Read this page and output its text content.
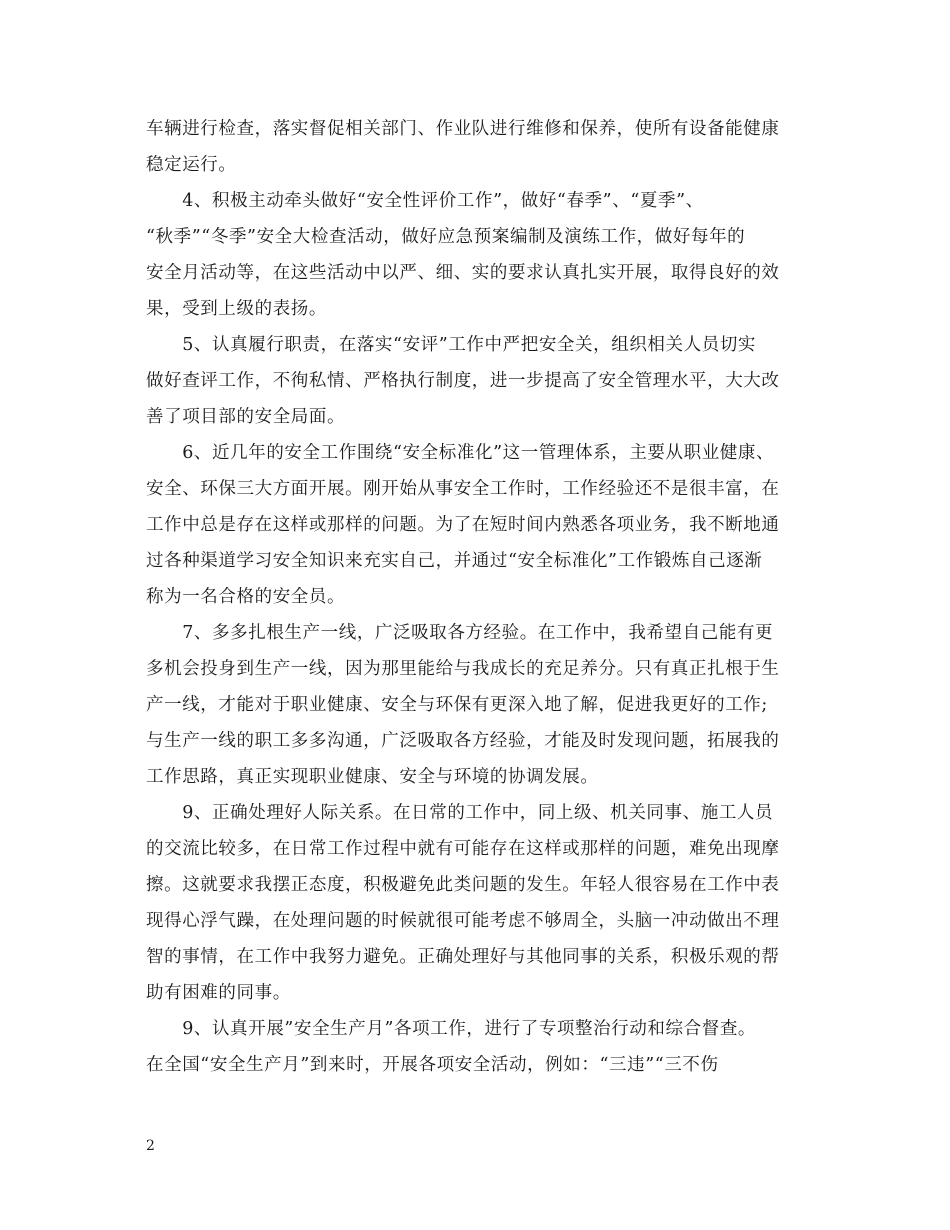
车辆进行检查，落实督促相关部门、作业队进行维修和保养，使所有设备能健康
稳定运行。
　　4、积极主动牵头做好“安全性评价工作”，做好“春季”、“夏季”、
“秋季”“冬季”安全大检查活动，做好应急预案编制及演练工作，做好每年的
安全月活动等，在这些活动中以严、细、实的要求认真扎实开展，取得良好的效
果，受到上级的表扬。
　　5、认真履行职责，在落实“安评”工作中严把安全关，组织相关人员切实
做好查评工作，不徇私情、严格执行制度，进一步提高了安全管理水平，大大改
善了项目部的安全局面。
　　6、近几年的安全工作围绕“安全标准化”这一管理体系，主要从职业健康、
安全、环保三大方面开展。刚开始从事安全工作时，工作经验还不是很丰富，在
工作中总是存在这样或那样的问题。为了在短时间内熟悉各项业务，我不断地通
过各种渠道学习安全知识来充实自己，并通过“安全标准化”工作锻炼自己逐渐
称为一名合格的安全员。
　　7、多多扎根生产一线，广泛吸取各方经验。在工作中，我希望自己能有更
多机会投身到生产一线，因为那里能给与我成长的充足养分。只有真正扎根于生
产一线，才能对于职业健康、安全与环保有更深入地了解，促进我更好的工作;
与生产一线的职工多多沟通，广泛吸取各方经验，才能及时发现问题，拓展我的
工作思路，真正实现职业健康、安全与环境的协调发展。
　　9、正确处理好人际关系。在日常的工作中，同上级、机关同事、施工人员
的交流比较多，在日常工作过程中就有可能存在这样或那样的问题，难免出现摩
擦。这就要求我摆正态度，积极避免此类问题的发生。年轻人很容易在工作中表
现得心浮气躁，在处理问题的时候就很可能考虑不够周全，头脑一冲动做出不理
智的事情，在工作中我努力避免。正确处理好与其他同事的关系，积极乐观的帮
助有困难的同事。
　　9、认真开展”安全生产月”各项工作，进行了专项整治行动和综合督查。
在全国“安全生产月”到来时，开展各项安全活动，例如：“三违”“三不伤
2
